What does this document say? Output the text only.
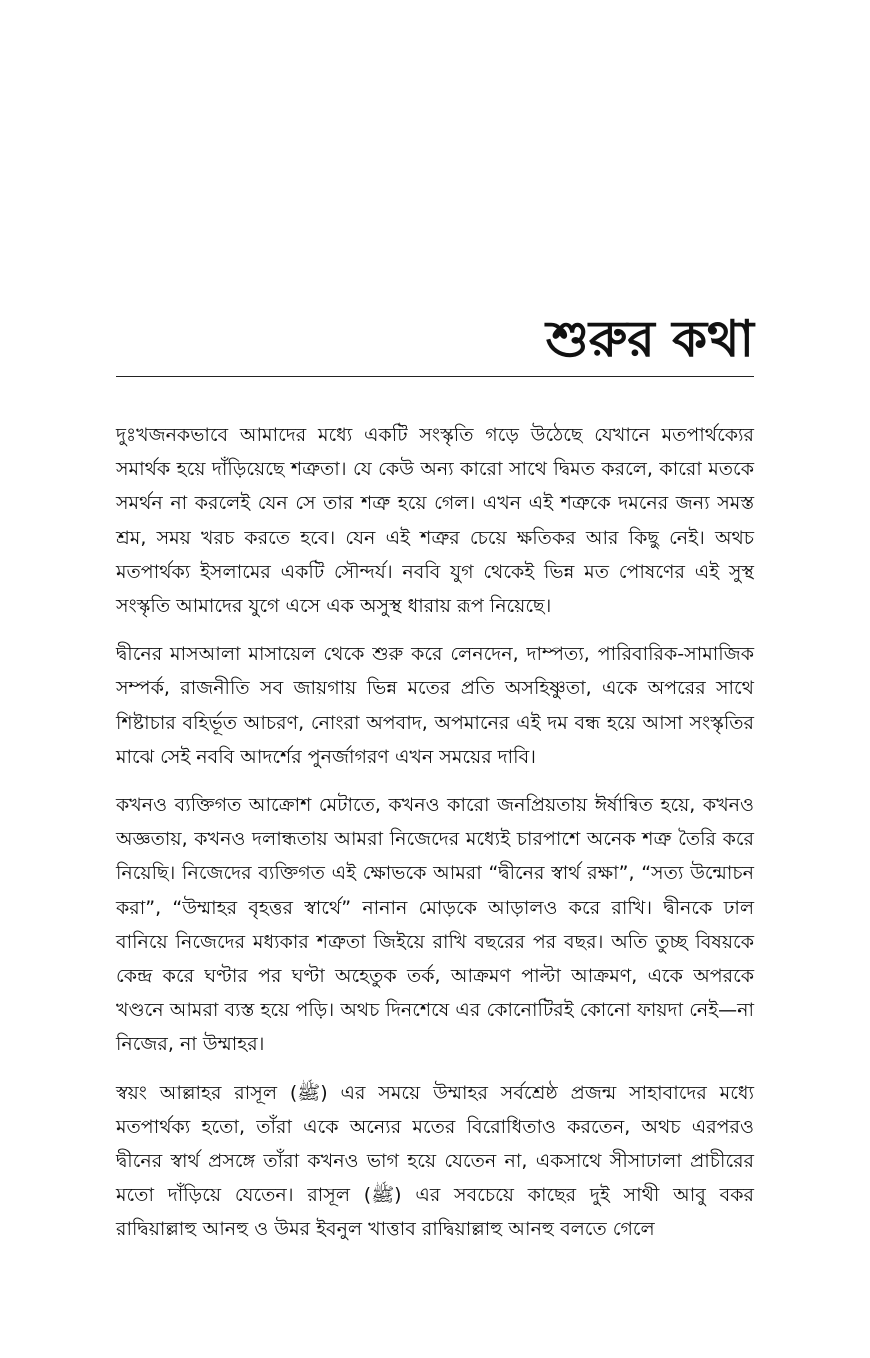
শুরুর কথা

দুঃখজনকভাবে আমাদের মধ্যে একটি সংস্কৃতি গড়ে উঠেছে যেখানে মতপার্থক্যের সমার্থক হয়ে দাঁড়িয়েছে শত্রুতা। যে কেউ অন্য কারো সাথে দ্বিমত করলে, কারো মতকে সমর্থন না করলেই যেন সে তার শত্রু হয়ে গেল। এখন এই শত্রুকে দমনের জন্য সমস্ত শ্রম, সময় খরচ করতে হবে। যেন এই শত্রুর চেয়ে ক্ষতিকর আর কিছু নেই। অথচ মতপার্থক্য ইসলামের একটি সৌন্দর্য। নববি যুগ থেকেই ভিন্ন মত পোষণের এই সুস্থ সংস্কৃতি আমাদের যুগে এসে এক অসুস্থ ধারায় রূপ নিয়েছে।

দ্বীনের মাসআলা মাসায়েল থেকে শুরু করে লেনদেন, দাম্পত্য, পারিবারিক-সামাজিক সম্পর্ক, রাজনীতি সব জায়গায় ভিন্ন মতের প্রতি অসহিষ্ণুতা, একে অপরের সাথে শিষ্টাচার বহির্ভূত আচরণ, নোংরা অপবাদ, অপমানের এই দম বন্ধ হয়ে আসা সংস্কৃতির মাঝে সেই নববি আদর্শের পুনর্জাগরণ এখন সময়ের দাবি।

কখনও ব্যক্তিগত আক্রোশ মেটাতে, কখনও কারো জনপ্রিয়তায় ঈর্ষান্বিত হয়ে, কখনও অজ্ঞতায়, কখনও দলান্ধতায় আমরা নিজেদের মধ্যেই চারপাশে অনেক শত্রু তৈরি করে নিয়েছি। নিজেদের ব্যক্তিগত এই ক্ষোভকে আমরা “দ্বীনের স্বার্থ রক্ষা”, “সত্য উন্মোচন করা”, “উম্মাহর বৃহত্তর স্বার্থে” নানান মোড়কে আড়ালও করে রাখি। দ্বীনকে ঢাল বানিয়ে নিজেদের মধ্যকার শত্রুতা জিইয়ে রাখি বছরের পর বছর। অতি তুচ্ছ বিষয়কে কেন্দ্র করে ঘণ্টার পর ঘণ্টা অহেতুক তর্ক, আক্রমণ পাল্টা আক্রমণ, একে অপরকে খণ্ডনে আমরা ব্যস্ত হয়ে পড়ি। অথচ দিনশেষে এর কোনোটিরই কোনো ফায়দা নেই—না নিজের, না উম্মাহর।

স্বয়ং আল্লাহর রাসূল (ﷺ) এর সময়ে উম্মাহর সর্বশ্রেষ্ঠ প্রজন্ম সাহাবাদের মধ্যে মতপার্থক্য হতো, তাঁরা একে অন্যের মতের বিরোধিতাও করতেন, অথচ এরপরও দ্বীনের স্বার্থ প্রসঙ্গে তাঁরা কখনও ভাগ হয়ে যেতেন না, একসাথে সীসাঢালা প্রাচীরের মতো দাঁড়িয়ে যেতেন। রাসূল (ﷺ) এর সবচেয়ে কাছের দুই সাথী আবু বকর রাদ্বিয়াল্লাহু আনহু ও উমর ইবনুল খাত্তাব রাদ্বিয়াল্লাহু আনহু বলতে গেলে
